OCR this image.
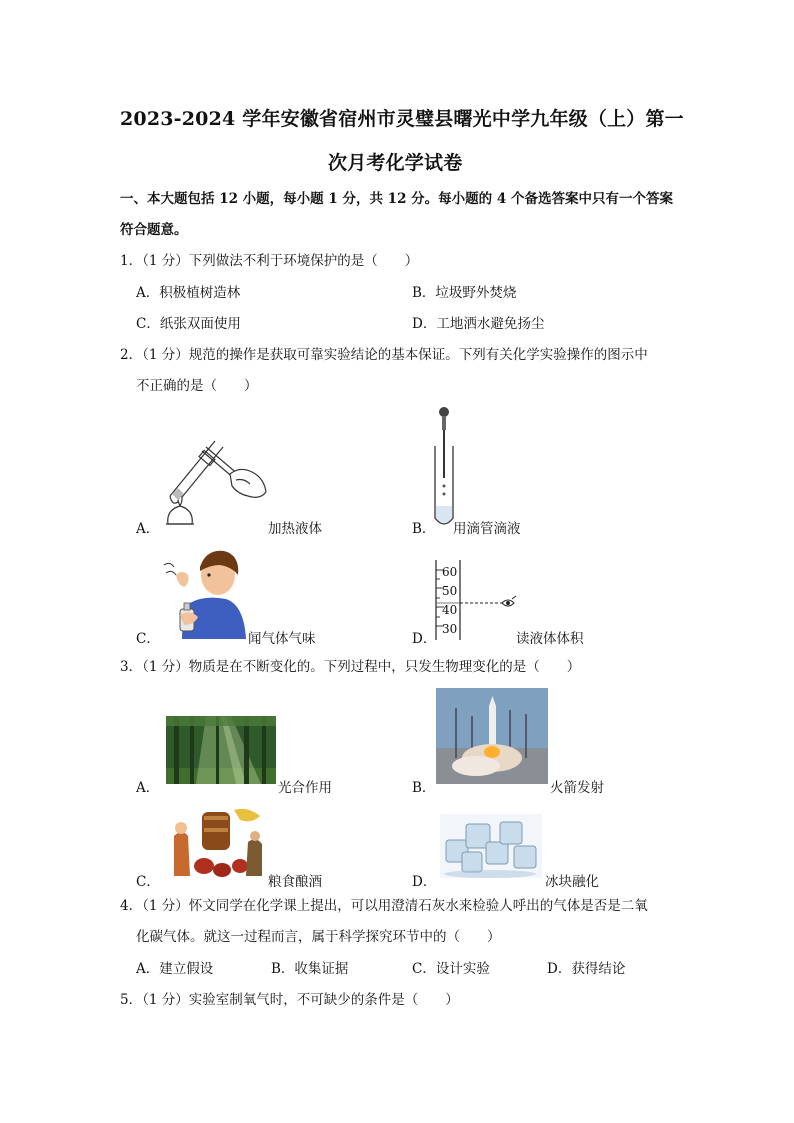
2023-2024 学年安徽省宿州市灵璧县曙光中学九年级（上）第一
次月考化学试卷
一、本大题包括 12 小题，每小题 1 分，共 12 分。每小题的 4 个备选答案中只有一个答案
符合题意。
1．（1 分）下列做法不利于环境保护的是（　　）
A．积极植树造林	B．垃圾野外焚烧
C．纸张双面使用	D．工地洒水避免扬尘
2．（1 分）规范的操作是获取可靠实验结论的基本保证。下列有关化学实验操作的图示中
不正确的是（　　）
A．	加热液体	B． 用滴管滴液
C．	闻气体气味	D．
60
50
40
30
读液体体积
3．（1 分）物质是在不断变化的。下列过程中，只发生物理变化的是（　　）
A．	光合作用	B．	火箭发射
C．	粮食酿酒	D．	冰块融化
4．（1 分）怀文同学在化学课上提出，可以用澄清石灰水来检验人呼出的气体是否是二氧
化碳气体。就这一过程而言，属于科学探究环节中的（　　）
A．建立假设	B．收集证据	C．设计实验	D．获得结论
5．（1 分）实验室制氧气时，不可缺少的条件是（　　）
